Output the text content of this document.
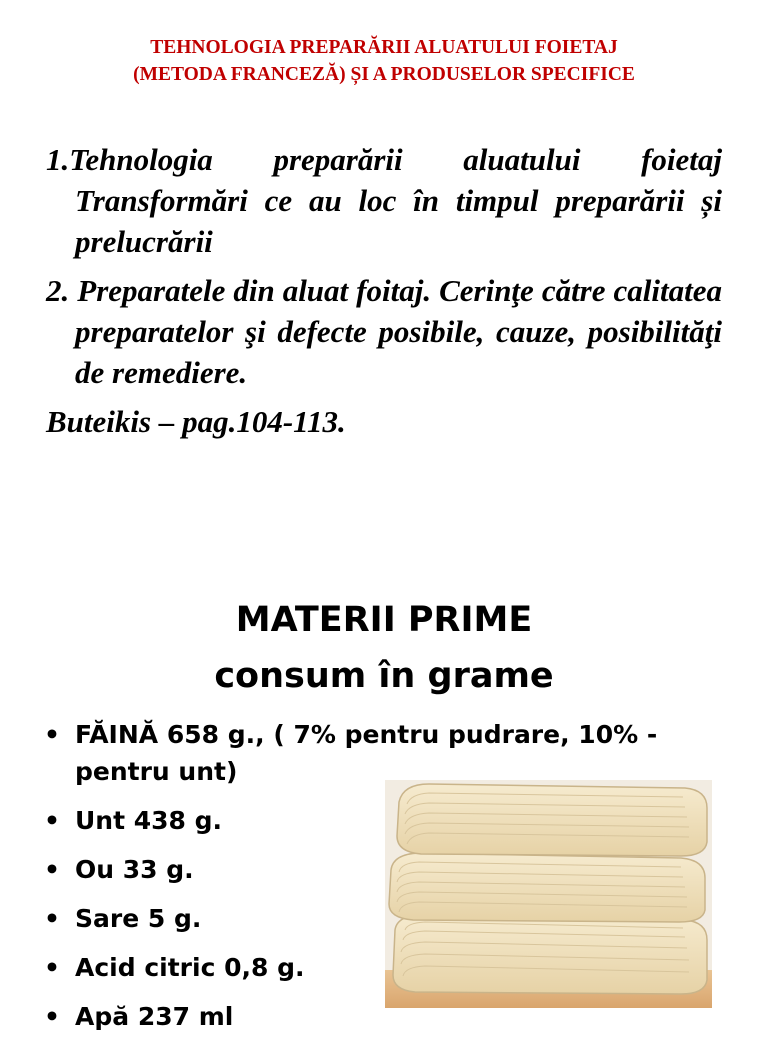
TEHNOLOGIA PREPARĂRII ALUATULUI FOIETAJ
(METODA FRANCEZĂ) ȘI A PRODUSELOR SPECIFICE
1.Tehnologia preparării aluatului foietaj Transformări ce au loc în timpul preparării și prelucrării
2. Preparatele din aluat foitaj. Cerinţe către calitatea preparatelor şi defecte posibile, cauze, posibilităţi de remediere.
Buteikis – pag.104-113.
MATERII PRIME
consum în grame
• FĂINĂ 658 g., ( 7% pentru pudrare, 10% - pentru unt)
• Unt 438 g.
• Ou 33 g.
• Sare 5 g.
• Acid citric 0,8 g.
• Apă 237 ml
